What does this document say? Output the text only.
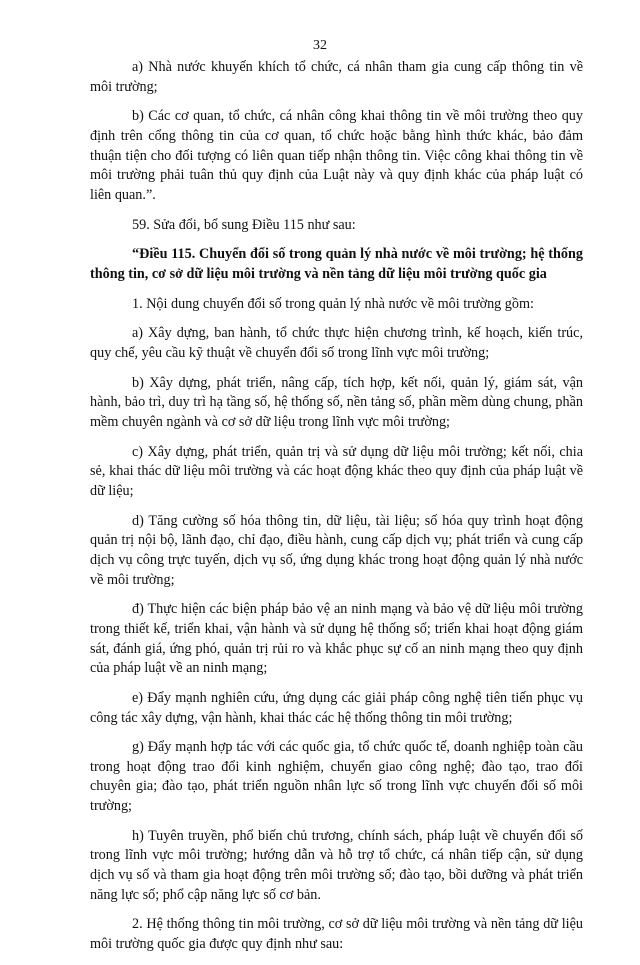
32

a) Nhà nước khuyến khích tổ chức, cá nhân tham gia cung cấp thông tin về môi trường;

b) Các cơ quan, tổ chức, cá nhân công khai thông tin về môi trường theo quy định trên cổng thông tin của cơ quan, tổ chức hoặc bằng hình thức khác, bảo đảm thuận tiện cho đối tượng có liên quan tiếp nhận thông tin. Việc công khai thông tin về môi trường phải tuân thủ quy định của Luật này và quy định khác của pháp luật có liên quan.”.

59. Sửa đổi, bổ sung Điều 115 như sau:

“Điều 115. Chuyển đổi số trong quản lý nhà nước về môi trường; hệ thống thông tin, cơ sở dữ liệu môi trường và nền tảng dữ liệu môi trường quốc gia

1. Nội dung chuyển đổi số trong quản lý nhà nước về môi trường gồm:

a) Xây dựng, ban hành, tổ chức thực hiện chương trình, kế hoạch, kiến trúc, quy chế, yêu cầu kỹ thuật về chuyển đổi số trong lĩnh vực môi trường;

b) Xây dựng, phát triển, nâng cấp, tích hợp, kết nối, quản lý, giám sát, vận hành, bảo trì, duy trì hạ tầng số, hệ thống số, nền tảng số, phần mềm dùng chung, phần mềm chuyên ngành và cơ sở dữ liệu trong lĩnh vực môi trường;

c) Xây dựng, phát triển, quản trị và sử dụng dữ liệu môi trường; kết nối, chia sẻ, khai thác dữ liệu môi trường và các hoạt động khác theo quy định của pháp luật về dữ liệu;

d) Tăng cường số hóa thông tin, dữ liệu, tài liệu; số hóa quy trình hoạt động quản trị nội bộ, lãnh đạo, chỉ đạo, điều hành, cung cấp dịch vụ; phát triển và cung cấp dịch vụ công trực tuyến, dịch vụ số, ứng dụng khác trong hoạt động quản lý nhà nước về môi trường;

đ) Thực hiện các biện pháp bảo vệ an ninh mạng và bảo vệ dữ liệu môi trường trong thiết kế, triển khai, vận hành và sử dụng hệ thống số; triển khai hoạt động giám sát, đánh giá, ứng phó, quản trị rủi ro và khắc phục sự cố an ninh mạng theo quy định của pháp luật về an ninh mạng;

e) Đẩy mạnh nghiên cứu, ứng dụng các giải pháp công nghệ tiên tiến phục vụ công tác xây dựng, vận hành, khai thác các hệ thống thông tin môi trường;

g) Đẩy mạnh hợp tác với các quốc gia, tổ chức quốc tế, doanh nghiệp toàn cầu trong hoạt động trao đổi kinh nghiệm, chuyển giao công nghệ; đào tạo, trao đổi chuyên gia; đào tạo, phát triển nguồn nhân lực số trong lĩnh vực chuyển đổi số môi trường;

h) Tuyên truyền, phổ biến chủ trương, chính sách, pháp luật về chuyển đổi số trong lĩnh vực môi trường; hướng dẫn và hỗ trợ tổ chức, cá nhân tiếp cận, sử dụng dịch vụ số và tham gia hoạt động trên môi trường số; đào tạo, bồi dưỡng và phát triển năng lực số; phổ cập năng lực số cơ bản.

2. Hệ thống thông tin môi trường, cơ sở dữ liệu môi trường và nền tảng dữ liệu môi trường quốc gia được quy định như sau:
